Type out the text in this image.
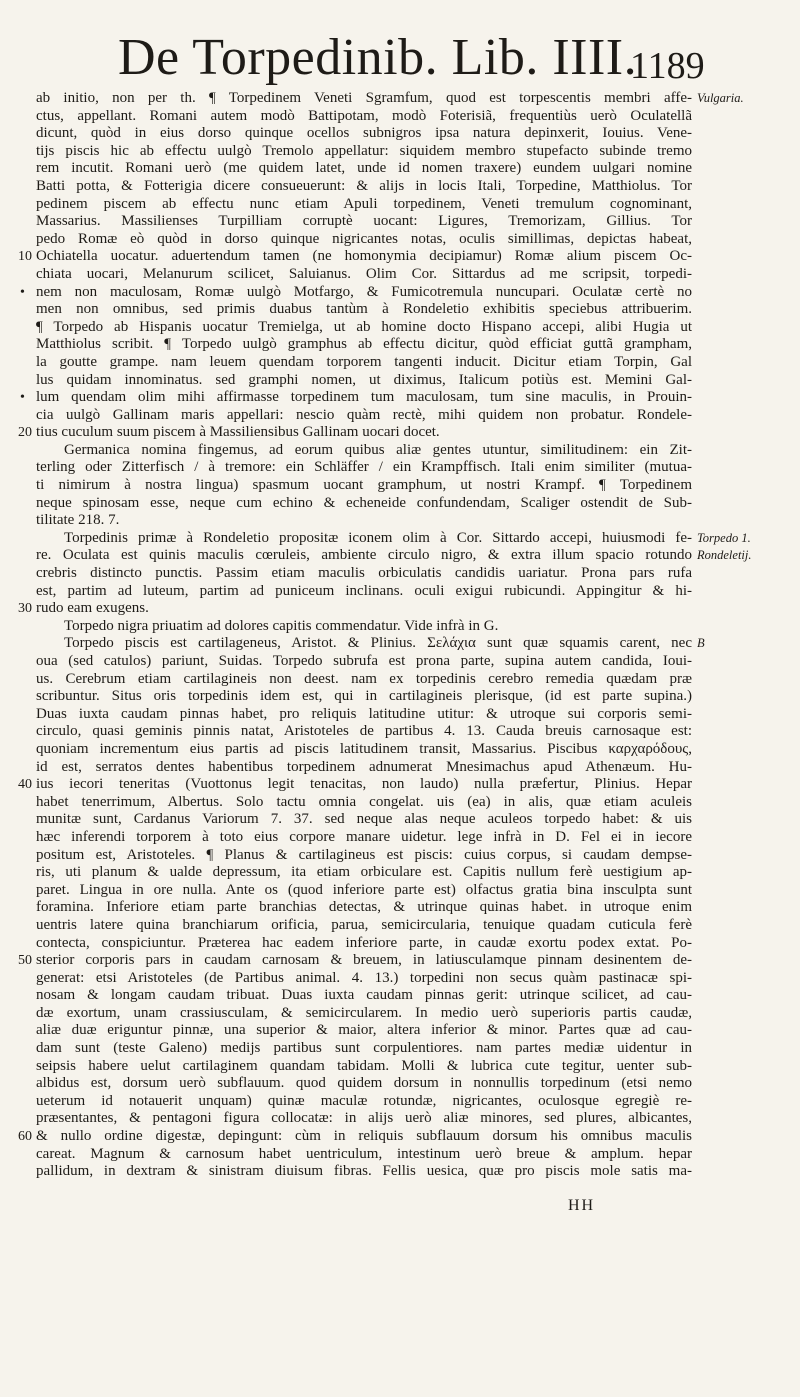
De Torpedinib. Lib. IIII.
1189
ab initio, non per th. ¶ Torpedinem Veneti Sgramfum, quod est torpescentis membri affe- Vulgaria.
ctus, appellant. Romani autem modò Battipotam, modò Foterisiã, frequentiùs uerò Oculatellã
dicunt, quòd in eius dorso quinque ocellos subnigros ipsa natura depinxerit, Iouius. Vene-
tijs piscis hic ab effectu uulgò Tremolo appellatur: siquidem membro stupefacto subinde tremo
rem incutit. Romani uerò (me quidem latet, unde id nomen traxere) eundem uulgari nomine
Batti potta, & Fotterigia dicere consueuerunt: & alijs in locis Itali, Torpedine, Matthiolus. Tor
pedinem piscem ab effectu nunc etiam Apuli torpedinem, Veneti tremulum cognominant,
Massarius. Massilienses Turpilliam corruptè uocant: Ligures, Tremorizam, Gillius. Tor
pedo Romæ eò quòd in dorso quinque nigricantes notas, oculis simillimas, depictas habeat,
10 Ochiatella uocatur. aduertendum tamen (ne homonymia decipiamur) Romæ alium piscem Oc-
chiata uocari, Melanurum scilicet, Saluianus. Olim Cor. Sittardus ad me scripsit, torpedi-
• nem non maculosam, Romæ uulgò Motfargo, & Fumicotremula nuncupari. Oculatæ certè no
men non omnibus, sed primis duabus tantùm à Rondeletio exhibitis speciebus attribuerim.
¶ Torpedo ab Hispanis uocatur Tremielga, ut ab homine docto Hispano accepi, alibi Hugia ut
Matthiolus scribit. ¶ Torpedo uulgò gramphus ab effectu dicitur, quòd efficiat guttã grampham,
la goutte grampe. nam leuem quendam torporem tangenti inducit. Dicitur etiam Torpin, Gal
lus quidam innominatus. sed gramphi nomen, ut diximus, Italicum potiùs est. Memini Gal-
• lum quendam olim mihi affirmasse torpedinem tum maculosam, tum sine maculis, in Prouin-
cia uulgò Gallinam maris appellari: nescio quàm rectè, mihi quidem non probatur. Rondele-
20 tius cuculum suum piscem à Massiliensibus Gallinam uocari docet.
Germanica nomina fingemus, ad eorum quibus aliæ gentes utuntur, similitudinem: ein Zit-
terling oder Zitterfisch / à tremore: ein Schläffer / ein Krampffisch. Itali enim similiter (mutua-
ti nimirum à nostra lingua) spasmum uocant gramphum, ut nostri Krampf. ¶ Torpedinem
neque spinosam esse, neque cum echino & echeneide confundendam, Scaliger ostendit de Sub-
tilitate 218. 7.
Torpedinis primæ à Rondeletio propositæ iconem olim à Cor. Sittardo accepi, huiusmodi fe- Torpedo 1.
re. Oculata est quinis maculis cœruleis, ambiente circulo nigro, & extra illum spacio rotundo Rondeletij.
crebris distincto punctis. Passim etiam maculis orbiculatis candidis uariatur. Prona pars rufa
est, partim ad luteum, partim ad puniceum inclinans. oculi exigui rubicundi. Appingitur & hi-
30 rudo eam exugens.
Torpedo nigra priuatim ad dolores capitis commendatur. Vide infrà in G.
Torpedo piscis est cartilageneus, Aristot. & Plinius. Σελάχια sunt quæ squamis carent, nec B
oua (sed catulos) pariunt, Suidas. Torpedo subrufa est prona parte, supina autem candida, Ioui-
us. Cerebrum etiam cartilagineis non deest. nam ex torpedinis cerebro remedia quædam præ
scribuntur. Situs oris torpedinis idem est, qui in cartilagineis plerisque, (id est parte supina.)
Duas iuxta caudam pinnas habet, pro reliquis latitudine utitur: & utroque sui corporis semi-
circulo, quasi geminis pinnis natat, Aristoteles de partibus 4. 13. Cauda breuis carnosaque est:
quoniam incrementum eius partis ad piscis latitudinem transit, Massarius. Piscibus καρχαρόδους,
id est, serratos dentes habentibus torpedinem adnumerat Mnesimachus apud Athenæum. Hu-
40 ius iecori teneritas (Vuottonus legit tenacitas, non laudo) nulla præfertur, Plinius. Hepar
habet tenerrimum, Albertus. Solo tactu omnia congelat. uis (ea) in alis, quæ etiam aculeis
munitæ sunt, Cardanus Variorum 7. 37. sed neque alas neque aculeos torpedo habet: & uis
hæc inferendi torporem à toto eius corpore manare uidetur. lege infrà in D. Fel ei in iecore
positum est, Aristoteles. ¶ Planus & cartilagineus est piscis: cuius corpus, si caudam dempse-
ris, uti planum & ualde depressum, ita etiam orbiculare est. Capitis nullum ferè uestigium ap-
paret. Lingua in ore nulla. Ante os (quod inferiore parte est) olfactus gratia bina insculpta sunt
foramina. Inferiore etiam parte branchias detectas, & utrinque quinas habet. in utroque enim
uentris latere quina branchiarum orificia, parua, semicircularia, tenuique quadam cuticula ferè
contecta, conspiciuntur. Præterea hac eadem inferiore parte, in caudæ exortu podex extat. Po-
50 sterior corporis pars in caudam carnosam & breuem, in latiusculamque pinnam desinentem de-
generat: etsi Aristoteles (de Partibus animal. 4. 13.) torpedini non secus quàm pastinacæ spi-
nosam & longam caudam tribuat. Duas iuxta caudam pinnas gerit: utrinque scilicet, ad cau-
dæ exortum, unam crassiusculam, & semicircularem. In medio uerò superioris partis caudæ,
aliæ duæ eriguntur pinnæ, una superior & maior, altera inferior & minor. Partes quæ ad cau-
dam sunt (teste Galeno) medijs partibus sunt corpulentiores. nam partes mediæ uidentur in
seipsis habere uelut cartilaginem quandam tabidam. Molli & lubrica cute tegitur, uenter sub-
albidus est, dorsum uerò subflauum. quod quidem dorsum in nonnullis torpedinum (etsi nemo
ueterum id notauerit unquam) quinæ maculæ rotundæ, nigricantes, oculosque egregiè re-
præsentantes, & pentagoni figura collocatæ: in alijs uerò aliæ minores, sed plures, albicantes,
60 & nullo ordine digestæ, depingunt: cùm in reliquis subflauum dorsum his omnibus maculis
careat. Magnum & carnosum habet uentriculum, intestinum uerò breue & amplum. hepar
pallidum, in dextram & sinistram diuisum fibras. Fellis uesica, quæ pro piscis mole satis ma-
HH
